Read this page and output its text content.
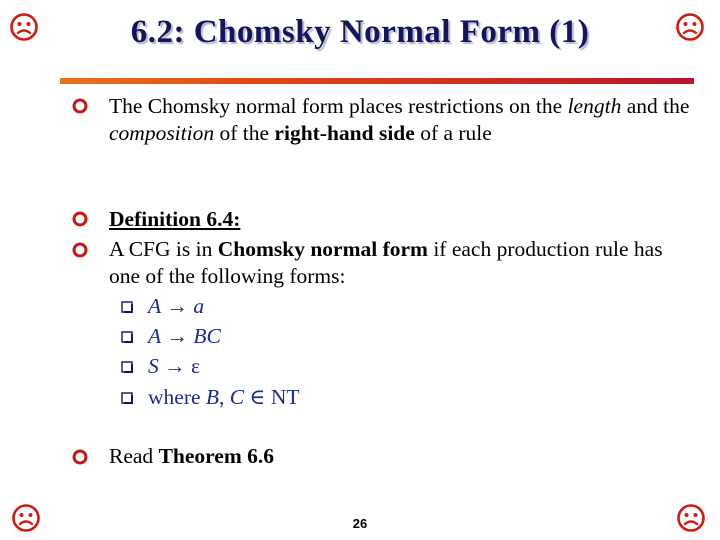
6.2: Chomsky Normal Form (1)
The Chomsky normal form places restrictions on the length and the composition of the right-hand side of a rule
Definition 6.4:
A CFG is in Chomsky normal form if each production rule has one of the following forms:
A → a
A → BC
S → ε
where B, C ∈ NT
Read Theorem 6.6
26
